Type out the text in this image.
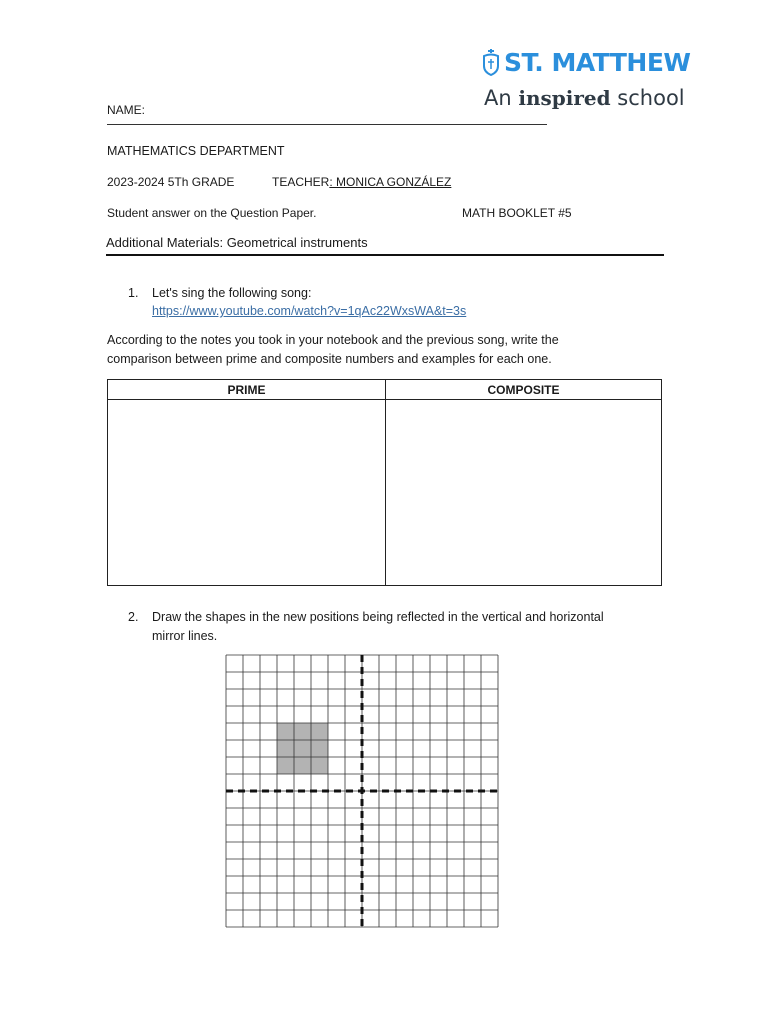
ST. MATTHEW
An inspired school
NAME:
MATHEMATICS DEPARTMENT
2023-2024 5Th GRADE	TEACHER: MONICA GONZÁLEZ
Student answer on the Question Paper.	MATH BOOKLET #5
Additional Materials: Geometrical instruments
1. Let's sing the following song:
https://www.youtube.com/watch?v=1qAc22WxsWA&t=3s
According to the notes you took in your notebook and the previous song, write the
comparison between prime and composite numbers and examples for each one.
PRIME	COMPOSITE

2. Draw the shapes in the new positions being reflected in the vertical and horizontal
mirror lines.
